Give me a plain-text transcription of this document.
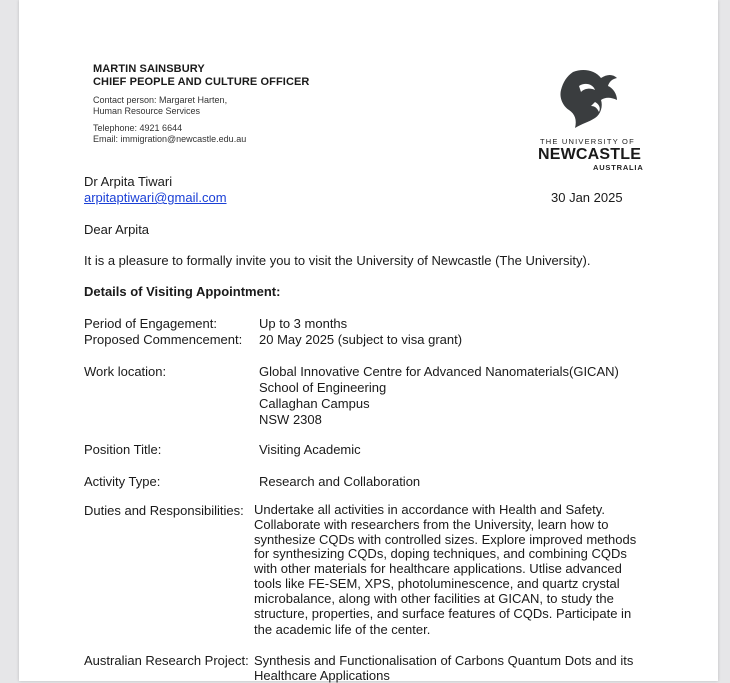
MARTIN SAINSBURY
CHIEF PEOPLE AND CULTURE OFFICER
Contact person: Margaret Harten,
Human Resource Services
Telephone: 4921 6644
Email: immigration@newcastle.edu.au	THE UNIVERSITY OF
NEWCASTLE
AUSTRALIA
Dr Arpita Tiwari
arpitaptiwari@gmail.com	30 Jan 2025
Dear Arpita
It is a pleasure to formally invite you to visit the University of Newcastle (The University).
Details of Visiting Appointment:
Period of Engagement:	Up to 3 months
Proposed Commencement: 20 May 2025 (subject to visa grant)
Work location:	Global Innovative Centre for Advanced Nanomaterials(GICAN)
School of Engineering
Callaghan Campus
NSW 2308
Position Title:	Visiting Academic
Activity Type:	Research and Collaboration
Duties and Responsibilities: Undertake all activities in accordance with Health and Safety.
Collaborate with researchers from the University, learn how to
synthesize CQDs with controlled sizes. Explore improved methods
for synthesizing CQDs, doping techniques, and combining CQDs
with other materials for healthcare applications. Utlise advanced
tools like FE-SEM, XPS, photoluminescence, and quartz crystal
microbalance, along with other facilities at GICAN, to study the
structure, properties, and surface features of CQDs. Participate in
the academic life of the center.
Australian Research Project: Synthesis and Functionalisation of Carbons Quantum Dots and its
Healthcare Applications
